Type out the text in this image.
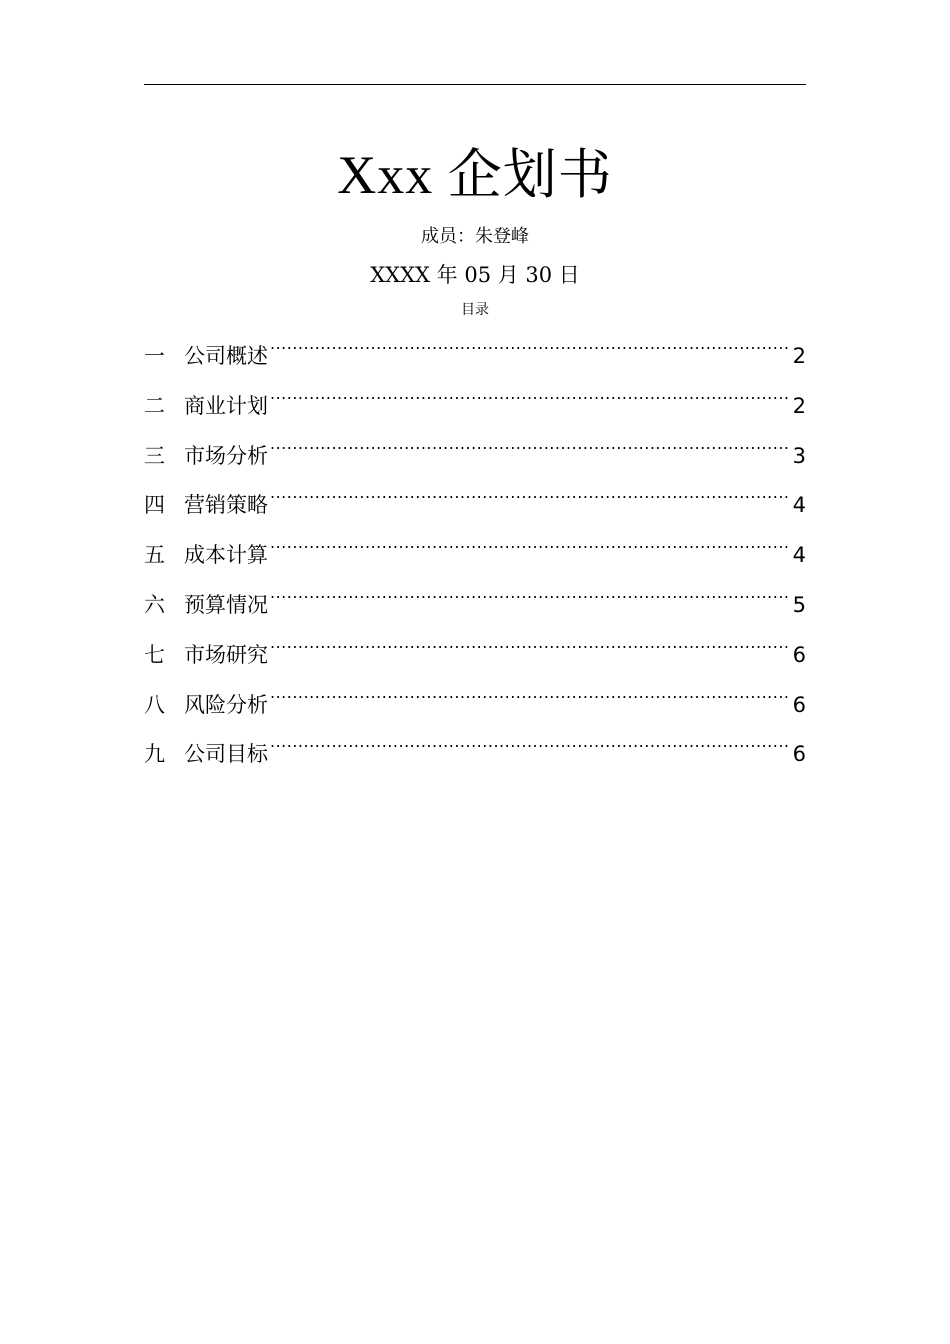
Xxx 企划书
成员：朱登峰
XXXX 年 05 月 30 日
目录
一 公司概述 .....	2
二 商业计划 .....	2
三 市场分析 .....	3
四 营销策略 .....	4
五 成本计算 .....	4
六 预算情况 .....	5
七 市场研究 .....	6
八 风险分析 .....	6
九 公司目标 .....	6
